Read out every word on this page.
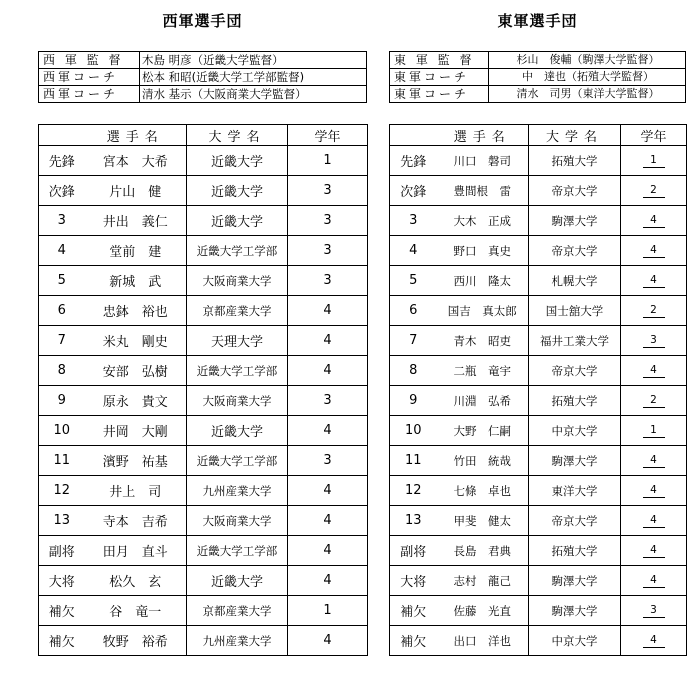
西軍選手団
西 軍 監 督	木島 明彦（近畿大学監督）
西軍コーチ	松本 和昭(近畿大学工学部監督)
西軍コーチ	清水 基示（大阪商業大学監督）
	選手名	大学名	学年
先鋒	宮本　大希	近畿大学	1
次鋒	片山　健	近畿大学	3
3	井出　義仁	近畿大学	3
4	堂前　建	近畿大学工学部	3
5	新城　武	大阪商業大学	3
6	忠鉢　裕也	京都産業大学	4
7	米丸　剛史	天理大学	4
8	安部　弘樹	近畿大学工学部	4
9	原永　貴文	大阪商業大学	3
10	井岡　大剛	近畿大学	4
11	濱野　祐基	近畿大学工学部	3
12	井上　司	九州産業大学	4
13	寺本　吉希	大阪商業大学	4
副将	田月　直斗	近畿大学工学部	4
大将	松久　玄	近畿大学	4
補欠	谷　竜一	京都産業大学	1
補欠	牧野　裕希	九州産業大学	4
東軍選手団
東 軍 監 督	杉山　俊輔（駒澤大学監督）
東軍コーチ	中　達也（拓殖大学監督）
東軍コーチ	清水　司男（東洋大学監督）
	選手名	大学名	学年
先鋒	川口　磐司	拓殖大学	1
次鋒	豊間根　雷	帝京大学	2
3	大木　正成	駒澤大学	4
4	野口　真史	帝京大学	4
5	西川　隆太	札幌大学	4
6	国吉　真太郎	国士舘大学	2
7	青木　昭吏	福井工業大学	3
8	二瓶　竜宇	帝京大学	4
9	川淵　弘希	拓殖大学	2
10	大野　仁嗣	中京大学	1
11	竹田　統哉	駒澤大学	4
12	七條　卓也	東洋大学	4
13	甲斐　健太	帝京大学	4
副将	長島　君典	拓殖大学	4
大将	志村　龍己	駒澤大学	4
補欠	佐藤　光直	駒澤大学	3
補欠	出口　洋也	中京大学	4
